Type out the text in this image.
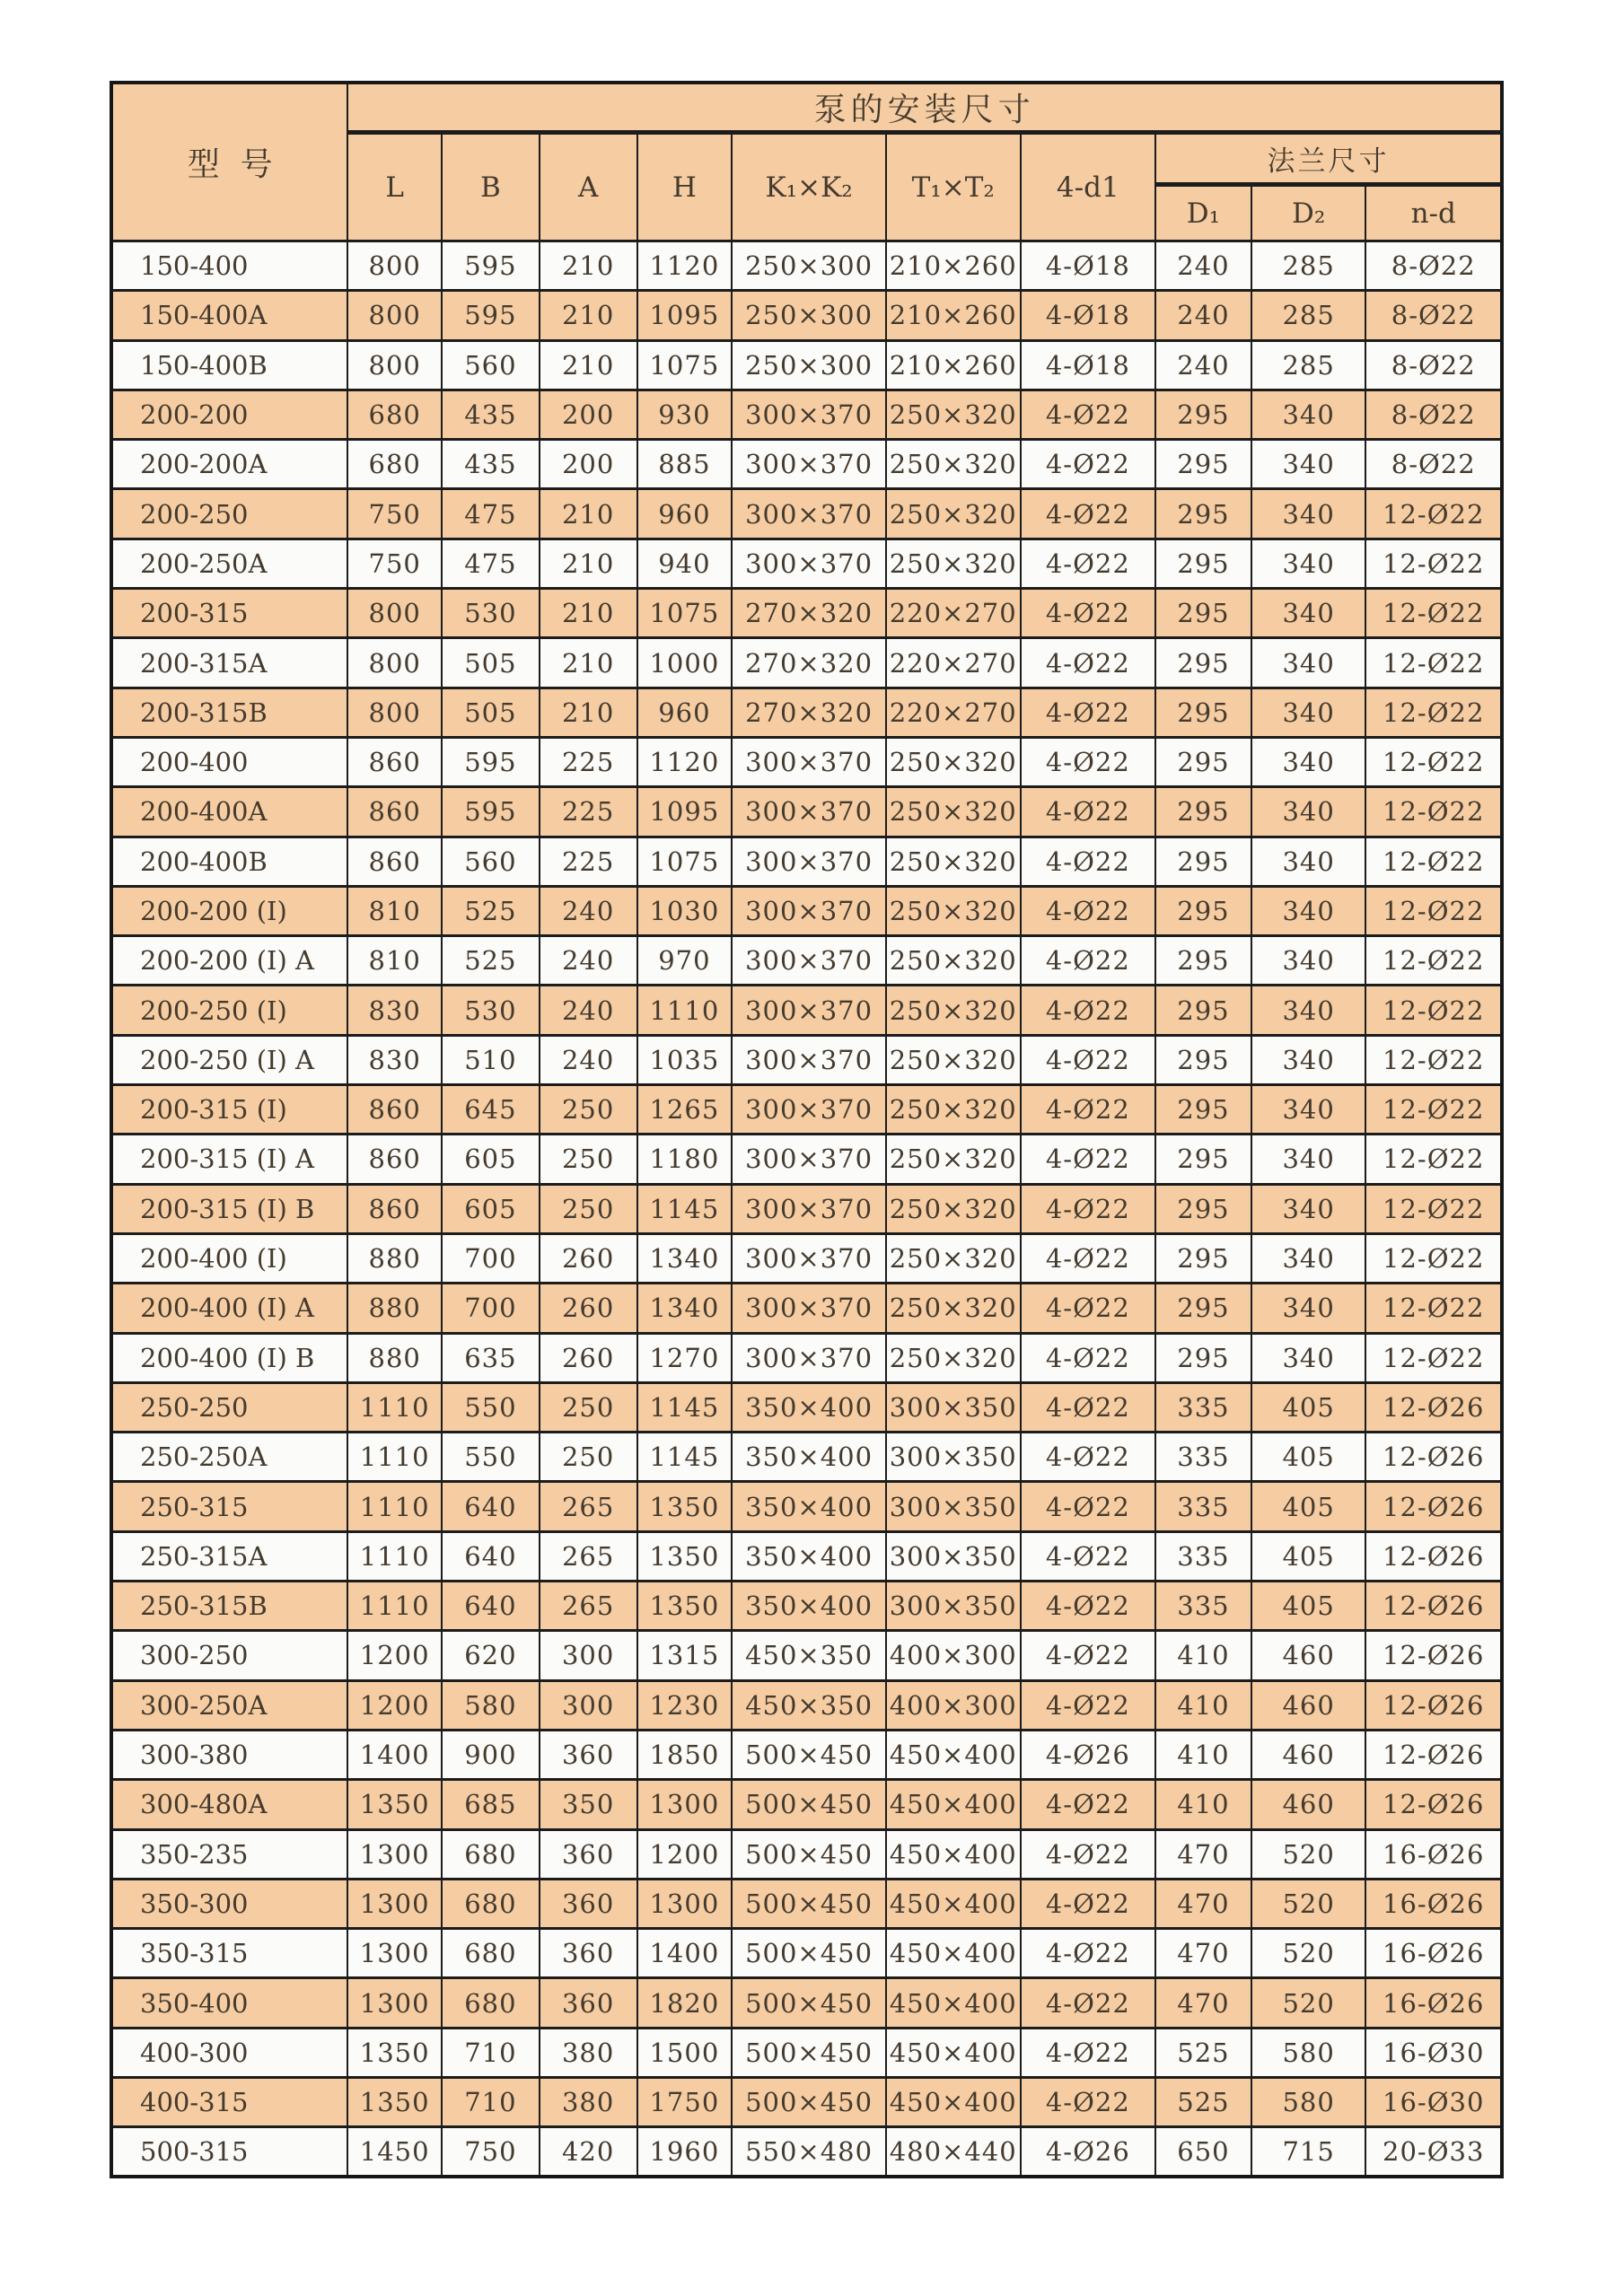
型  号	泵的安装尺寸									
	L	B	A	H	K₁×K₂	T₁×T₂	4-d1	法兰尺寸		
								D₁	D₂	n-d
150-400	800	595	210	1120	250×300	210×260	4-Ø18	240	285	8-Ø22
150-400A	800	595	210	1095	250×300	210×260	4-Ø18	240	285	8-Ø22
150-400B	800	560	210	1075	250×300	210×260	4-Ø18	240	285	8-Ø22
200-200	680	435	200	930	300×370	250×320	4-Ø22	295	340	8-Ø22
200-200A	680	435	200	885	300×370	250×320	4-Ø22	295	340	8-Ø22
200-250	750	475	210	960	300×370	250×320	4-Ø22	295	340	12-Ø22
200-250A	750	475	210	940	300×370	250×320	4-Ø22	295	340	12-Ø22
200-315	800	530	210	1075	270×320	220×270	4-Ø22	295	340	12-Ø22
200-315A	800	505	210	1000	270×320	220×270	4-Ø22	295	340	12-Ø22
200-315B	800	505	210	960	270×320	220×270	4-Ø22	295	340	12-Ø22
200-400	860	595	225	1120	300×370	250×320	4-Ø22	295	340	12-Ø22
200-400A	860	595	225	1095	300×370	250×320	4-Ø22	295	340	12-Ø22
200-400B	860	560	225	1075	300×370	250×320	4-Ø22	295	340	12-Ø22
200-200 (I)	810	525	240	1030	300×370	250×320	4-Ø22	295	340	12-Ø22
200-200 (I) A	810	525	240	970	300×370	250×320	4-Ø22	295	340	12-Ø22
200-250 (I)	830	530	240	1110	300×370	250×320	4-Ø22	295	340	12-Ø22
200-250 (I) A	830	510	240	1035	300×370	250×320	4-Ø22	295	340	12-Ø22
200-315 (I)	860	645	250	1265	300×370	250×320	4-Ø22	295	340	12-Ø22
200-315 (I) A	860	605	250	1180	300×370	250×320	4-Ø22	295	340	12-Ø22
200-315 (I) B	860	605	250	1145	300×370	250×320	4-Ø22	295	340	12-Ø22
200-400 (I)	880	700	260	1340	300×370	250×320	4-Ø22	295	340	12-Ø22
200-400 (I) A	880	700	260	1340	300×370	250×320	4-Ø22	295	340	12-Ø22
200-400 (I) B	880	635	260	1270	300×370	250×320	4-Ø22	295	340	12-Ø22
250-250	1110	550	250	1145	350×400	300×350	4-Ø22	335	405	12-Ø26
250-250A	1110	550	250	1145	350×400	300×350	4-Ø22	335	405	12-Ø26
250-315	1110	640	265	1350	350×400	300×350	4-Ø22	335	405	12-Ø26
250-315A	1110	640	265	1350	350×400	300×350	4-Ø22	335	405	12-Ø26
250-315B	1110	640	265	1350	350×400	300×350	4-Ø22	335	405	12-Ø26
300-250	1200	620	300	1315	450×350	400×300	4-Ø22	410	460	12-Ø26
300-250A	1200	580	300	1230	450×350	400×300	4-Ø22	410	460	12-Ø26
300-380	1400	900	360	1850	500×450	450×400	4-Ø26	410	460	12-Ø26
300-480A	1350	685	350	1300	500×450	450×400	4-Ø22	410	460	12-Ø26
350-235	1300	680	360	1200	500×450	450×400	4-Ø22	470	520	16-Ø26
350-300	1300	680	360	1300	500×450	450×400	4-Ø22	470	520	16-Ø26
350-315	1300	680	360	1400	500×450	450×400	4-Ø22	470	520	16-Ø26
350-400	1300	680	360	1820	500×450	450×400	4-Ø22	470	520	16-Ø26
400-300	1350	710	380	1500	500×450	450×400	4-Ø22	525	580	16-Ø30
400-315	1350	710	380	1750	500×450	450×400	4-Ø22	525	580	16-Ø30
500-315	1450	750	420	1960	550×480	480×440	4-Ø26	650	715	20-Ø33
